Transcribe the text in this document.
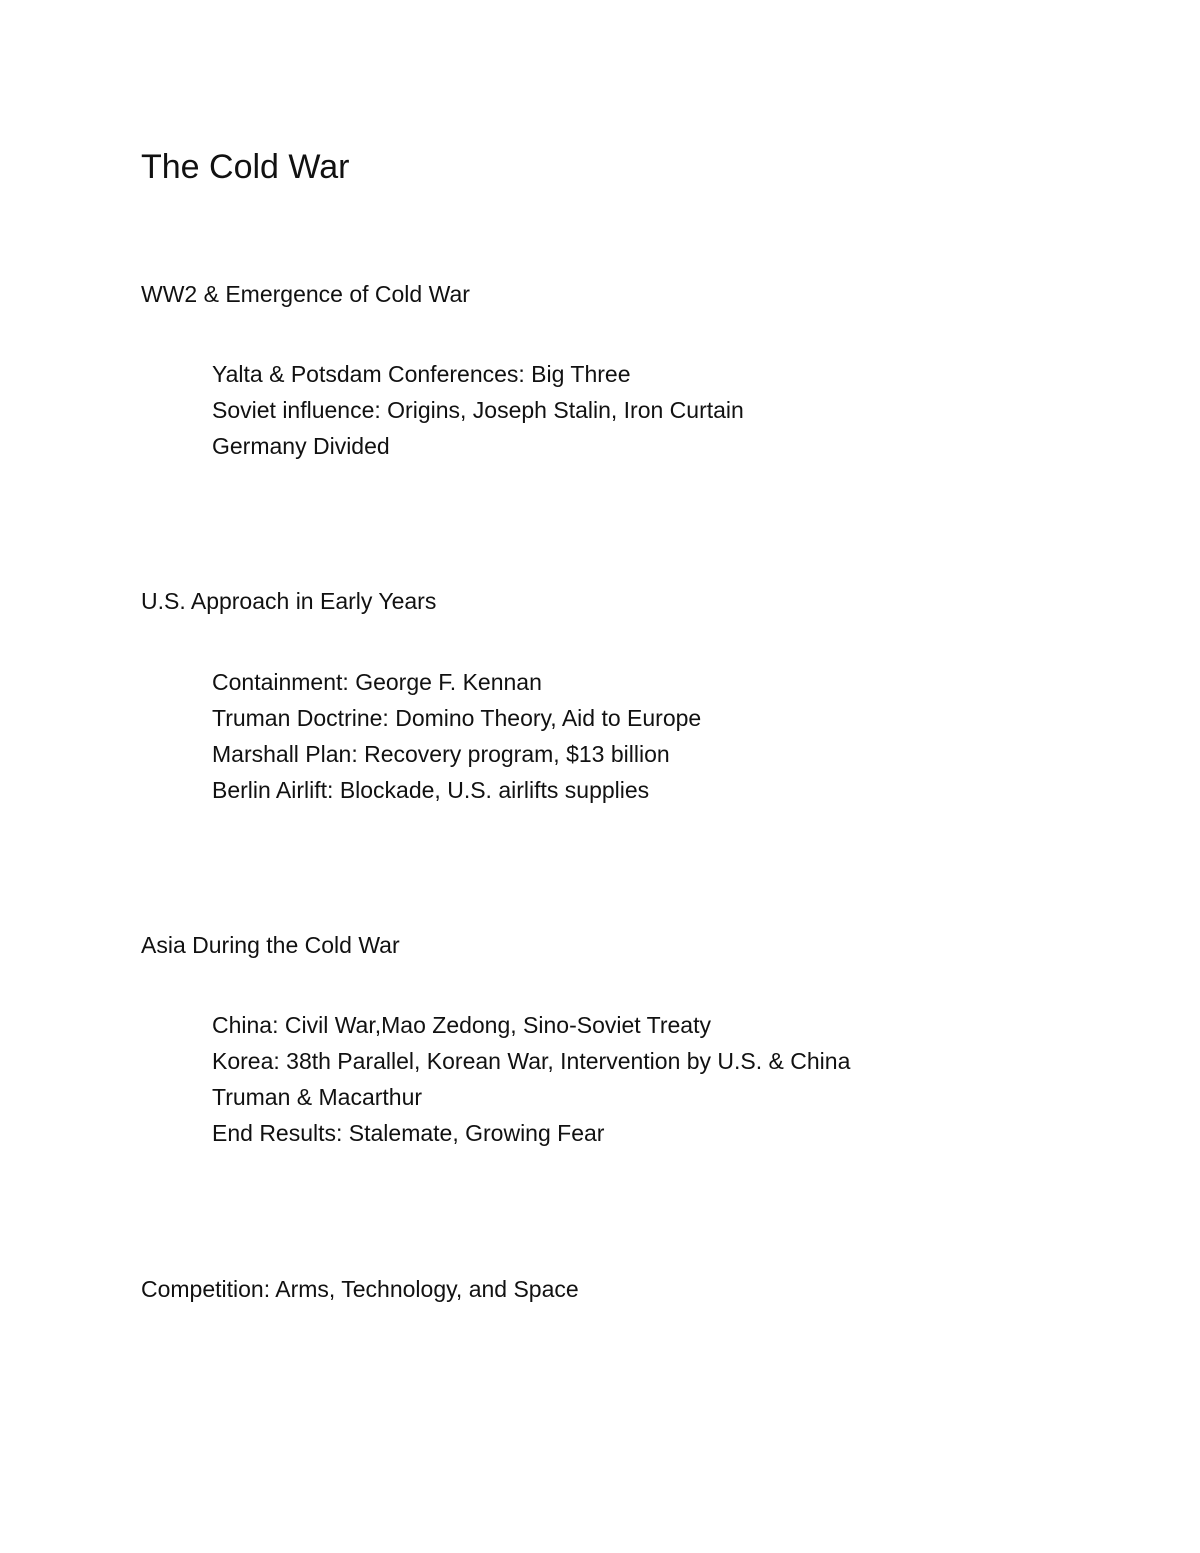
The Cold War
WW2 & Emergence of Cold War
Yalta & Potsdam Conferences: Big Three
Soviet influence: Origins, Joseph Stalin, Iron Curtain
Germany Divided
U.S. Approach in Early Years
Containment: George F. Kennan
Truman Doctrine: Domino Theory, Aid to Europe
Marshall Plan: Recovery program, $13 billion
Berlin Airlift: Blockade, U.S. airlifts supplies
Asia During the Cold War
China: Civil War,Mao Zedong, Sino-Soviet Treaty
Korea: 38th Parallel, Korean War, Intervention by U.S. & China
Truman & Macarthur
End Results: Stalemate, Growing Fear
Competition: Arms, Technology, and Space
